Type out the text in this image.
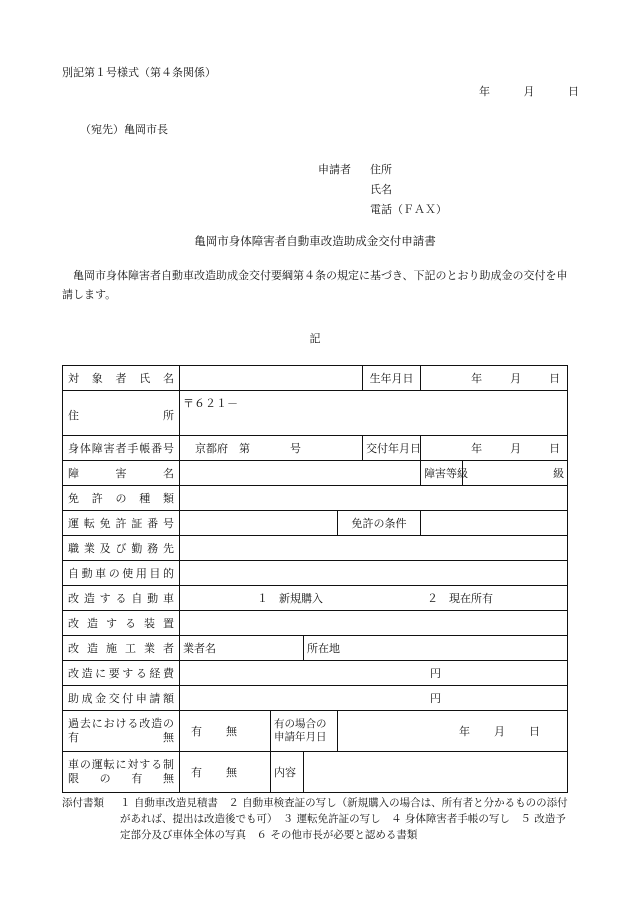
別記第１号様式（第４条関係）
年	月	日
（宛先）亀岡市長
申請者	住所
氏名
電話（ＦＡＸ）
亀岡市身体障害者自動車改造助成金交付申請書
亀岡市身体障害者自動車改造助成金交付要綱第４条の規定に基づき、下記のとおり助成金の交付を申請します。
記
対象者氏名					生年月日	年 月 日	

住所	〒６２１－						
身体障害者手帳番号	京都府　第 号				交付年月日	年 月 日	

障害名						障害等級	級
免許の種類							
運転免許証番号				免許の条件			
職業及び勤務先							
自動車の使用目的							
改造する自動車	１　新規購入 ２　現在所有						
改造する装置							
改造施工業者	業者名		所在地				
改造に要する経費	円						
助成金交付申請額	円						
過去における改造の有無	有 無	有の場合の申請年月日		年 月 日			
車の運転に対する制限の有無	有 無	内容					
添付書類	１ 自動車改造見積書　２ 自動車検査証の写し（新規購入の場合は、所有者と分かるものの添付があれば、提出は改造後でも可）　３ 運転免許証の写し　４ 身体障害者手帳の写し　５ 改造予定部分及び車体全体の写真　６ その他市長が必要と認める書類
